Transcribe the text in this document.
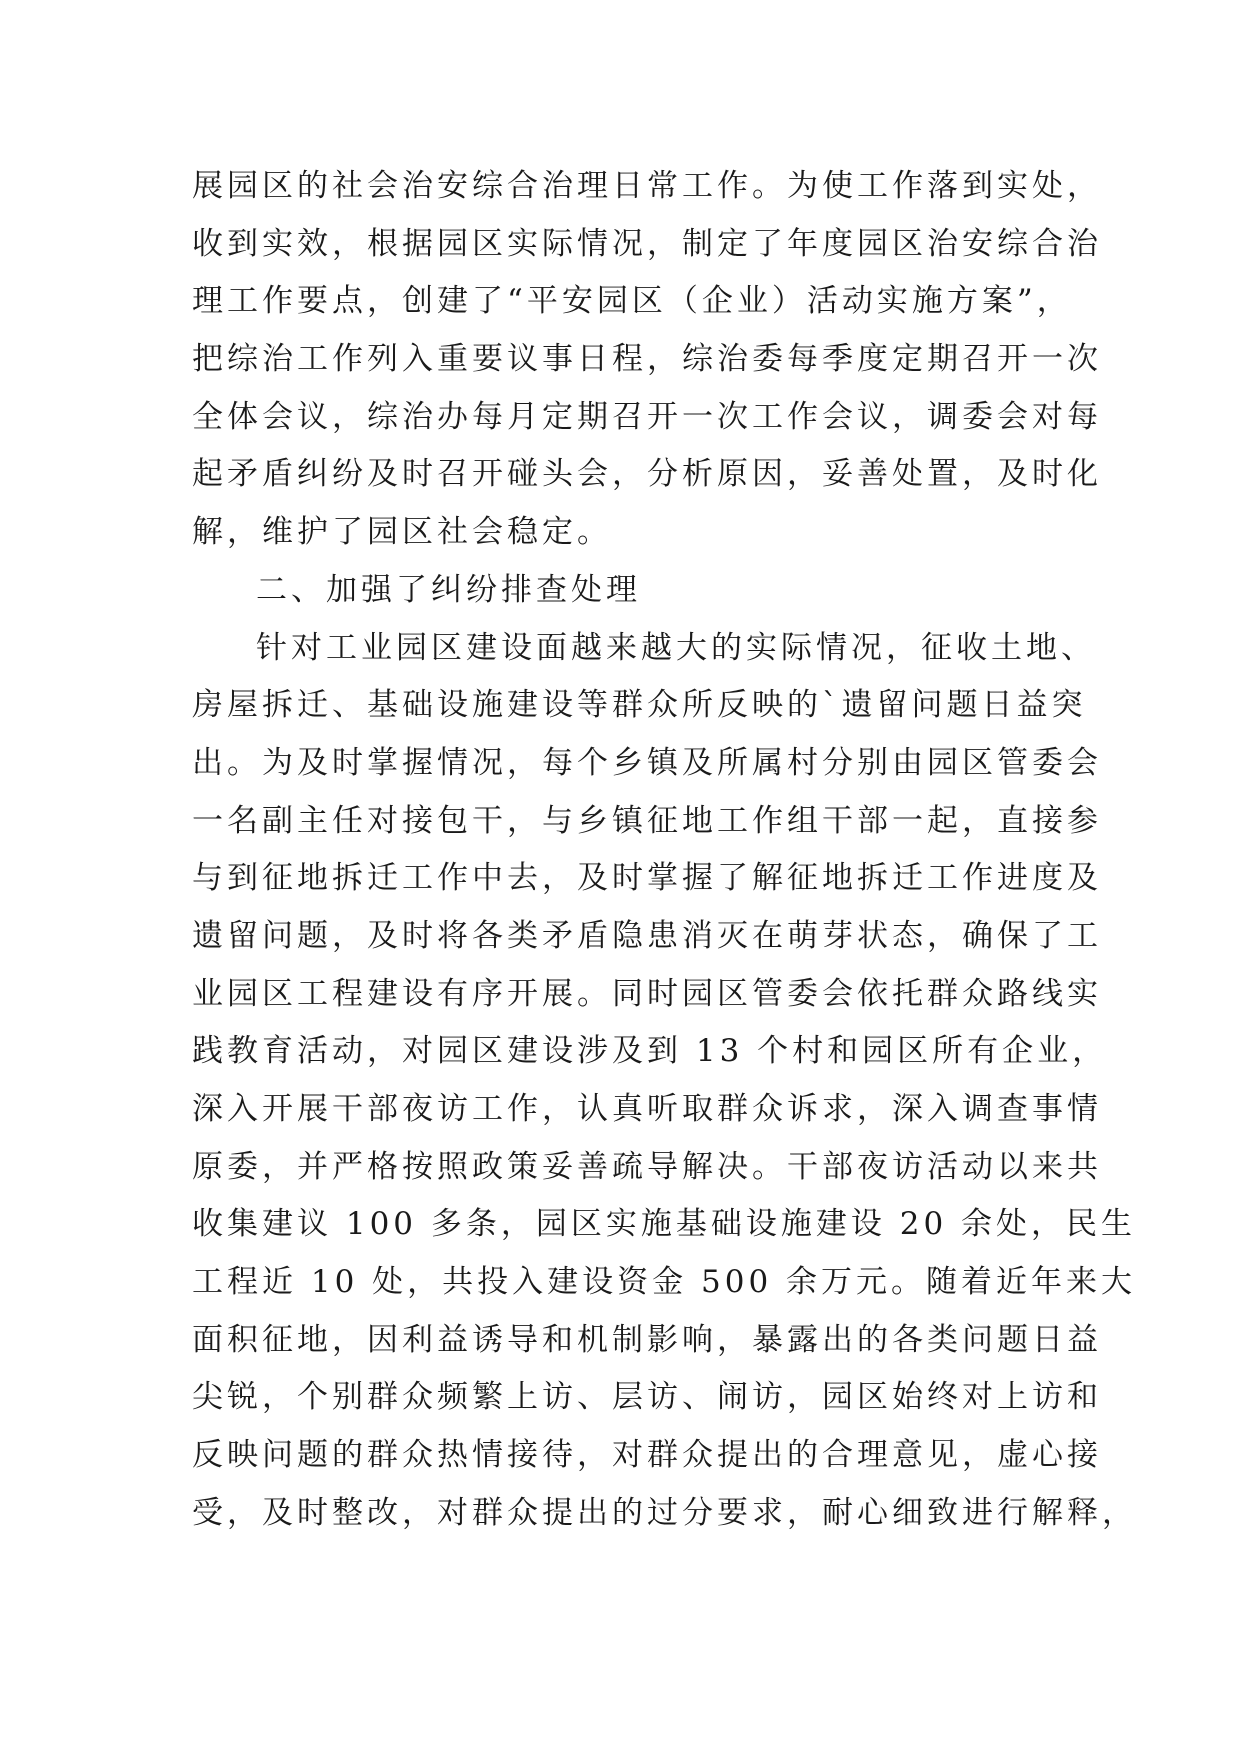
展园区的社会治安综合治理日常工作。为使工作落到实处，
收到实效，根据园区实际情况，制定了年度园区治安综合治
理工作要点，创建了“平安园区（企业）活动实施方案”，
把综治工作列入重要议事日程，综治委每季度定期召开一次
全体会议，综治办每月定期召开一次工作会议，调委会对每
起矛盾纠纷及时召开碰头会，分析原因，妥善处置，及时化
解，维护了园区社会稳定。
二、加强了纠纷排查处理
针对工业园区建设面越来越大的实际情况，征收土地、
房屋拆迁、基础设施建设等群众所反映的`遗留问题日益突
出。为及时掌握情况，每个乡镇及所属村分别由园区管委会
一名副主任对接包干，与乡镇征地工作组干部一起，直接参
与到征地拆迁工作中去，及时掌握了解征地拆迁工作进度及
遗留问题，及时将各类矛盾隐患消灭在萌芽状态，确保了工
业园区工程建设有序开展。同时园区管委会依托群众路线实
践教育活动，对园区建设涉及到 13 个村和园区所有企业，
深入开展干部夜访工作，认真听取群众诉求，深入调查事情
原委，并严格按照政策妥善疏导解决。干部夜访活动以来共
收集建议 100 多条，园区实施基础设施建设 20 余处，民生
工程近 10 处，共投入建设资金 500 余万元。随着近年来大
面积征地，因利益诱导和机制影响，暴露出的各类问题日益
尖锐，个别群众频繁上访、层访、闹访，园区始终对上访和
反映问题的群众热情接待，对群众提出的合理意见，虚心接
受，及时整改，对群众提出的过分要求，耐心细致进行解释，
